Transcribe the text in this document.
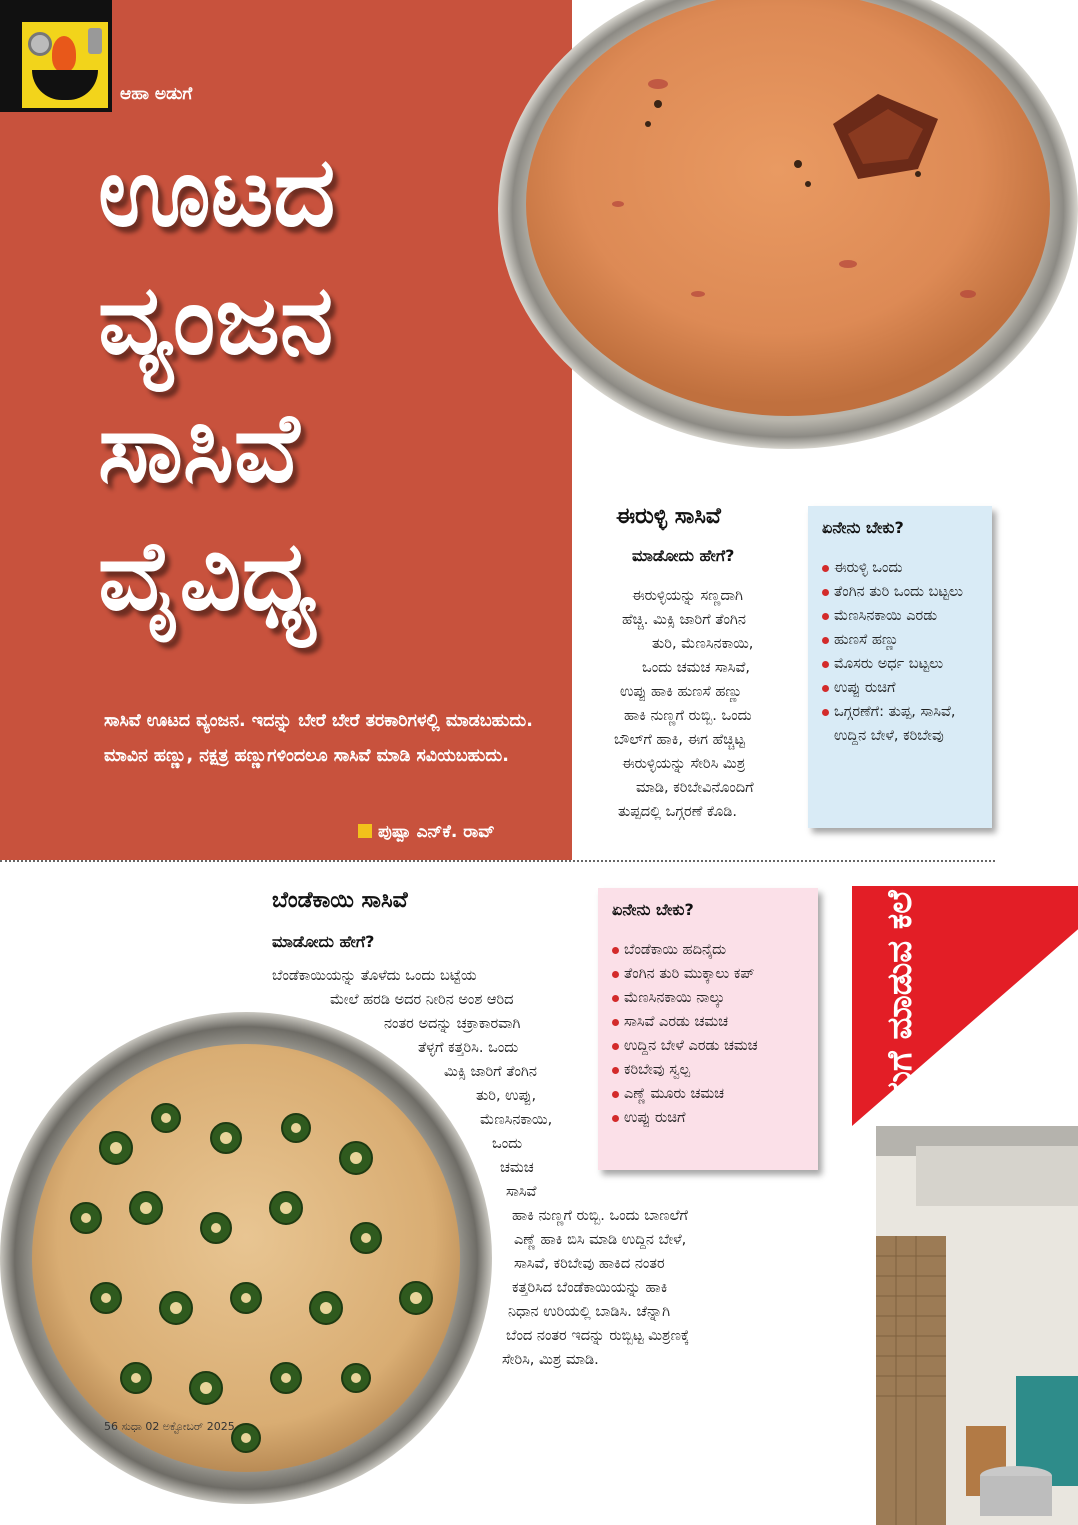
ಆಹಾ ಅಡುಗೆ
ಊಟದ
ವ್ಯಂಜನ
ಸಾಸಿವೆ
ವೈವಿಧ್ಯ

ಸಾಸಿವೆ ಊಟದ ವ್ಯಂಜನ. ಇದನ್ನು ಬೇರೆ ಬೇರೆ ತರಕಾರಿಗಳಲ್ಲಿ ಮಾಡಬಹುದು. ಮಾವಿನ ಹಣ್ಣು, ನಕ್ಷತ್ರ ಹಣ್ಣುಗಳಿಂದಲೂ ಸಾಸಿವೆ ಮಾಡಿ ಸವಿಯಬಹುದು.

ಪುಷ್ಪಾ ಎನ್‌ಕೆ. ರಾವ್
ಈರುಳ್ಳಿ ಸಾಸಿವೆ
ಮಾಡೋದು ಹೇಗೆ?
ಈರುಳ್ಳಿಯನ್ನು ಸಣ್ಣದಾಗಿ
ಹೆಚ್ಚಿ. ಮಿಕ್ಸಿ ಜಾರಿಗೆ ತೆಂಗಿನ
ತುರಿ, ಮೆಣಸಿನಕಾಯಿ,
ಒಂದು ಚಮಚ ಸಾಸಿವೆ,
ಉಪ್ಪು ಹಾಕಿ ಹುಣಸೆ ಹಣ್ಣು
ಹಾಕಿ ನುಣ್ಣಗೆ ರುಬ್ಬಿ. ಒಂದು
ಬೌಲ್‌ಗೆ ಹಾಕಿ, ಈಗ ಹೆಚ್ಚಿಟ್ಟ
ಈರುಳ್ಳಿಯನ್ನು ಸೇರಿಸಿ ಮಿಶ್ರ
ಮಾಡಿ, ಕರಿಬೇವಿನೊಂದಿಗೆ
ತುಪ್ಪದಲ್ಲಿ ಒಗ್ಗರಣೆ ಕೊಡಿ.
ಏನೇನು ಬೇಕು?
ಈರುಳ್ಳಿ ಒಂದು
ತೆಂಗಿನ ತುರಿ ಒಂದು ಬಟ್ಟಲು
ಮೆಣಸಿನಕಾಯಿ ಎರಡು
ಹುಣಸೆ ಹಣ್ಣು
ಮೊಸರು ಅರ್ಧ ಬಟ್ಟಲು
ಉಪ್ಪು ರುಚಿಗೆ
ಒಗ್ಗರಣೆಗೆ: ತುಪ್ಪ, ಸಾಸಿವೆ, ಉದ್ದಿನ ಬೇಳೆ, ಕರಿಬೇವು
ಬೆಂಡೆಕಾಯಿ ಸಾಸಿವೆ
ಮಾಡೋದು ಹೇಗೆ?
ಬೆಂಡೆಕಾಯಿಯನ್ನು ತೊಳೆದು ಒಂದು ಬಟ್ಟೆಯ
ಮೇಲೆ ಹರಡಿ ಅದರ ನೀರಿನ ಅಂಶ ಆರಿದ
ನಂತರ ಅದನ್ನು ಚಕ್ರಾಕಾರವಾಗಿ
ತೆಳ್ಳಗೆ ಕತ್ತರಿಸಿ. ಒಂದು
ಮಿಕ್ಸಿ ಜಾರಿಗೆ ತೆಂಗಿನ
ತುರಿ, ಉಪ್ಪು,
ಮೆಣಸಿನಕಾಯಿ,
ಒಂದು
ಚಮಚ
ಸಾಸಿವೆ
ಹಾಕಿ ನುಣ್ಣಗೆ ರುಬ್ಬಿ. ಒಂದು ಬಾಣಲೆಗೆ
ಎಣ್ಣೆ ಹಾಕಿ ಬಿಸಿ ಮಾಡಿ ಉದ್ದಿನ ಬೇಳೆ,
ಸಾಸಿವೆ, ಕರಿಬೇವು ಹಾಕಿದ ನಂತರ
ಕತ್ತರಿಸಿದ ಬೆಂಡೆಕಾಯಿಯನ್ನು ಹಾಕಿ
ನಿಧಾನ ಉರಿಯಲ್ಲಿ ಬಾಡಿಸಿ. ಚೆನ್ನಾಗಿ
ಬೆಂದ ನಂತರ ಇದನ್ನು ರುಬ್ಬಿಟ್ಟ ಮಿಶ್ರಣಕ್ಕೆ
ಸೇರಿಸಿ, ಮಿಶ್ರ ಮಾಡಿ.
ಏನೇನು ಬೇಕು?
ಬೆಂಡೆಕಾಯಿ ಹದಿನೈದು
ತೆಂಗಿನ ತುರಿ ಮುಕ್ಕಾಲು ಕಪ್
ಮೆಣಸಿನಕಾಯಿ ನಾಲ್ಕು
ಸಾಸಿವೆ ಎರಡು ಚಮಚ
ಉದ್ದಿನ ಬೇಳೆ ಎರಡು ಚಮಚ
ಕರಿಬೇವು ಸ್ವಲ್ಪ
ಎಣ್ಣೆ ಮೂರು ಚಮಚ
ಉಪ್ಪು ರುಚಿಗೆ	ಅಡುಗೆ ಮಾಡುವ ಕಲೆ
56 ಸುಧಾ 02 ಅಕ್ಟೋಬರ್ 2025
